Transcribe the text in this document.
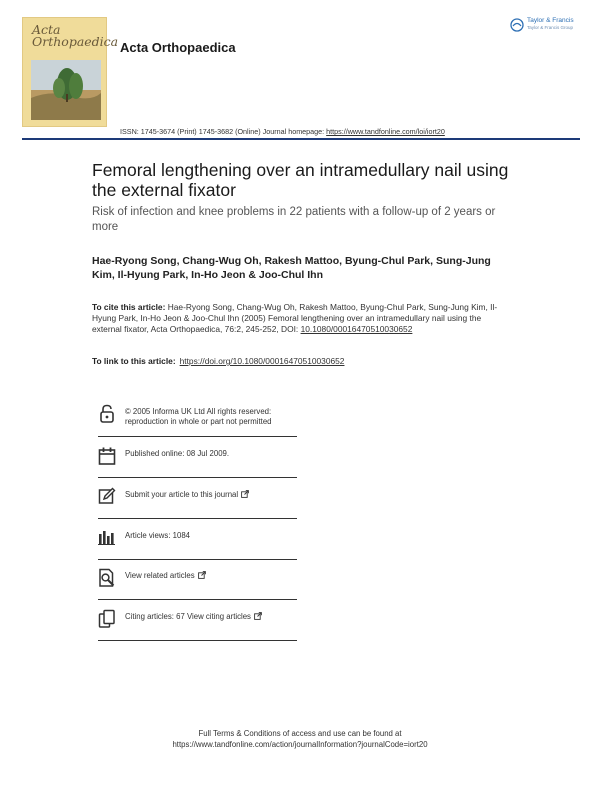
Acta
Orthopaedica Acta Orthopaedica
Taylor & Francis
Taylor & Francis Group
ISSN: 1745-3674 (Print) 1745-3682 (Online) Journal homepage: https://www.tandfonline.com/loi/iort20
Femoral lengthening over an intramedullary nail using the external fixator
Risk of infection and knee problems in 22 patients with a follow-up of 2 years or more
Hae-Ryong Song, Chang-Wug Oh, Rakesh Mattoo, Byung-Chul Park, Sung-Jung Kim, Il-Hyung Park, In-Ho Jeon & Joo-Chul Ihn
To cite this article: Hae-Ryong Song, Chang-Wug Oh, Rakesh Mattoo, Byung-Chul Park, Sung-Jung Kim, Il-Hyung Park, In-Ho Jeon & Joo-Chul Ihn (2005) Femoral lengthening over an intramedullary nail using the external fixator, Acta Orthopaedica, 76:2, 245-252, DOI: 10.1080/00016470510030652
To link to this article: https://doi.org/10.1080/00016470510030652
© 2005 Informa UK Ltd All rights reserved: reproduction in whole or part not permitted
Published online: 08 Jul 2009.
Submit your article to this journal
Article views: 1084
View related articles
Citing articles: 67 View citing articles
Full Terms & Conditions of access and use can be found at
https://www.tandfonline.com/action/journalInformation?journalCode=iort20
